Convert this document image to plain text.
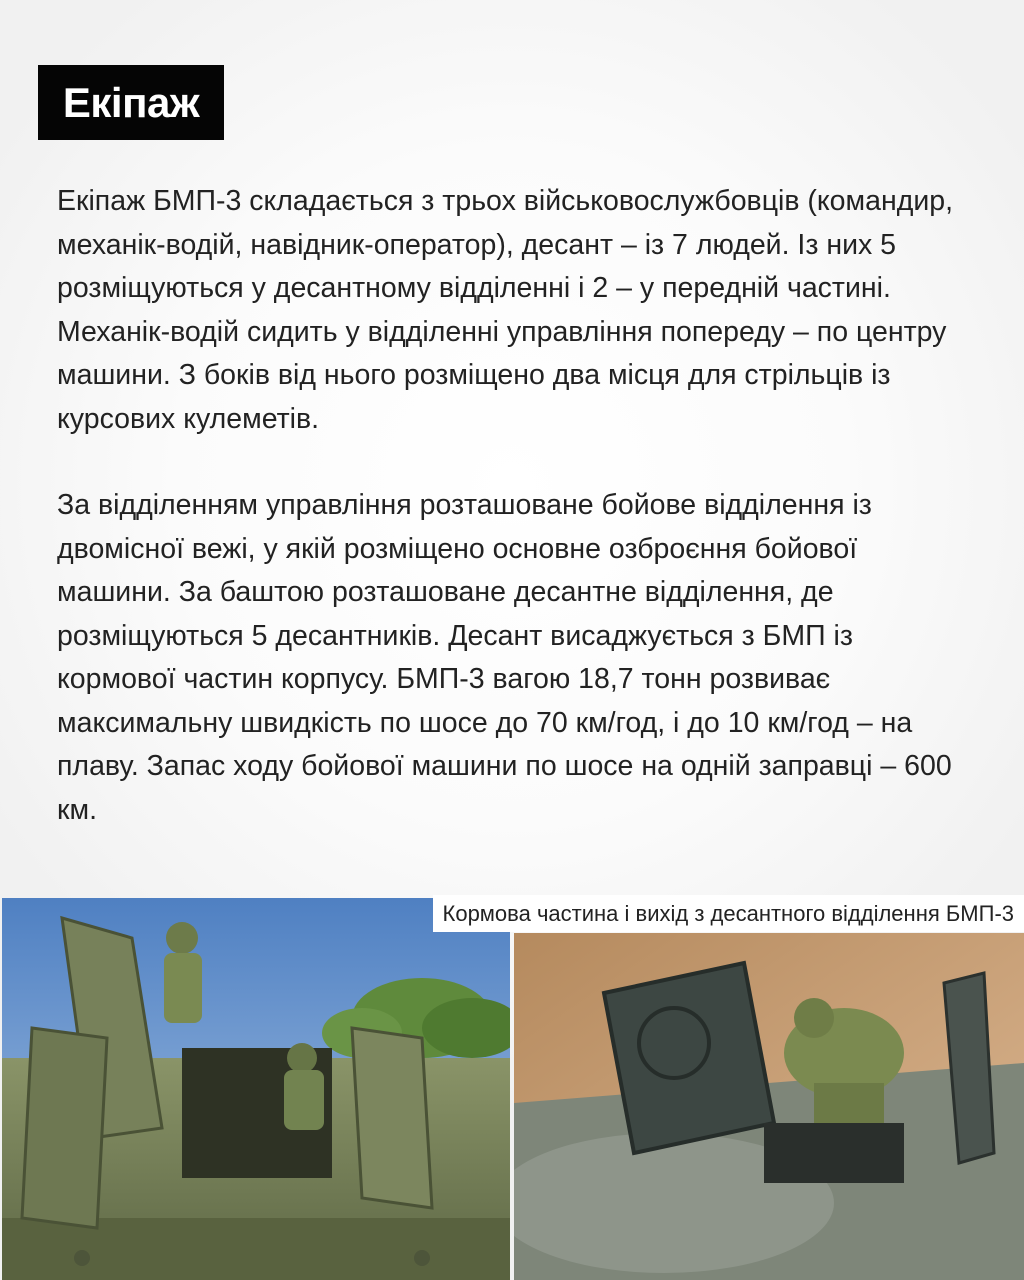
Екіпаж

Екіпаж БМП-3 складається з трьох військовослужбовців (командир, механік-водій, навідник-оператор), десант – із 7 людей. Із них 5 розміщуються у десантному відділенні і 2 – у передній частині. Механік-водій сидить у відділенні управління попереду – по центру машини. З боків від нього розміщено два місця для стрільців із курсових кулеметів.

За відділенням управління розташоване бойове відділення із двомісної вежі, у якій розміщено основне озброєння бойової машини. За баштою розташоване десантне відділення, де розміщуються 5 десантників. Десант висаджується з БМП із кормової частин корпусу. БМП-3 вагою 18,7 тонн розвиває максимальну швидкість по шосе до 70 км/год, і до 10 км/год – на плаву. Запас ходу бойової машини по шосе на одній заправці – 600 км.

Кормова частина і вихід з десантного відділення БМП-3
